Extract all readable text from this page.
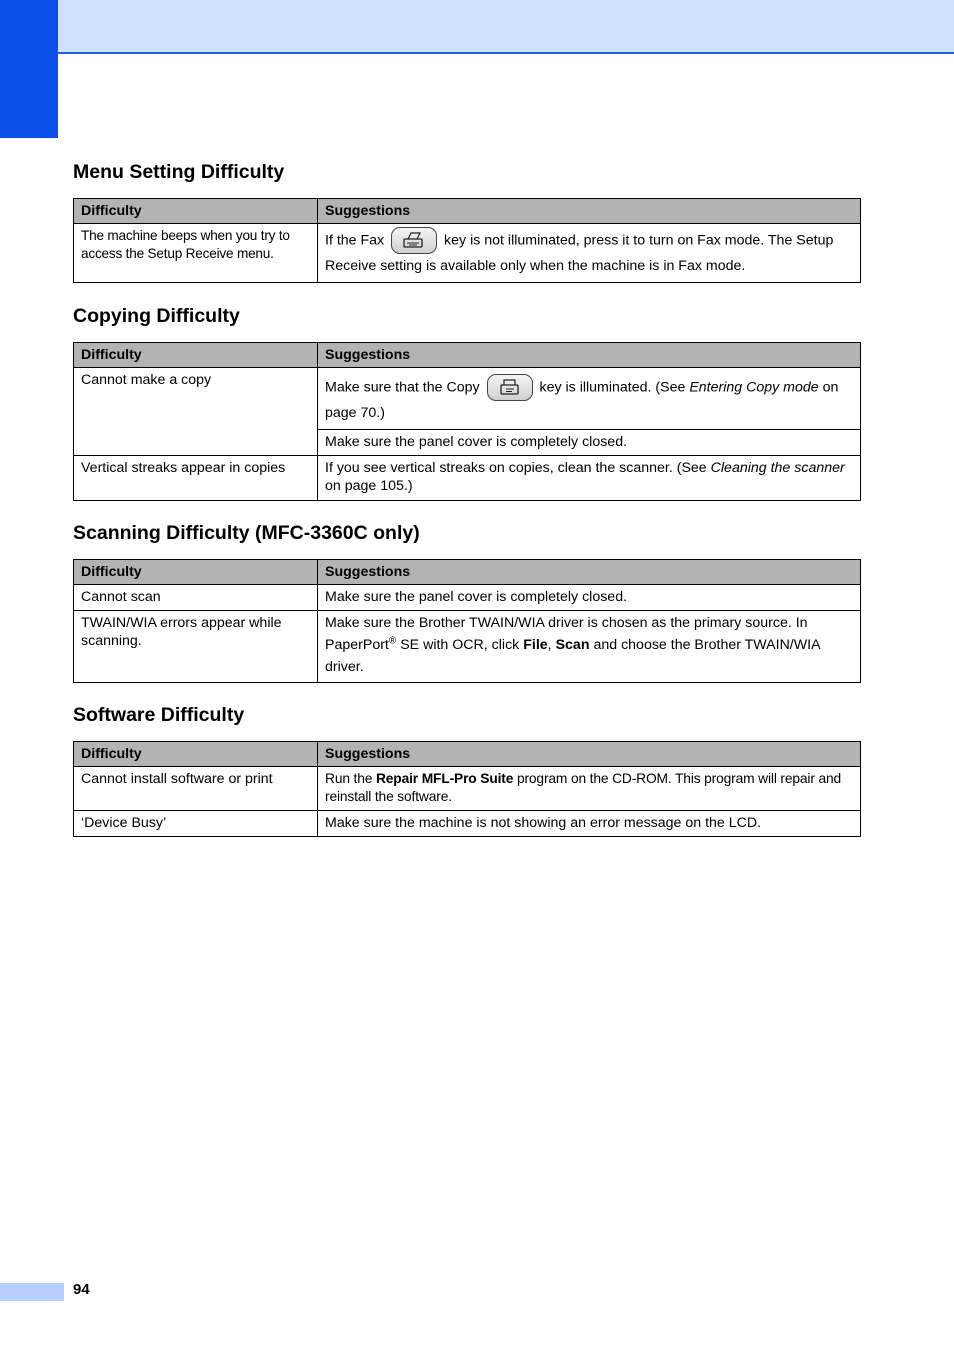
Menu Setting Difficulty
Difficulty	Suggestions
The machine beeps when you try to access the Setup Receive menu.	If the Fax key is not illuminated, press it to turn on Fax mode. The Setup Receive setting is available only when the machine is in Fax mode.
Copying Difficulty
Difficulty	Suggestions
Cannot make a copy	Make sure that the Copy key is illuminated. (See Entering Copy mode on page 70.)
	Make sure the panel cover is completely closed.
Vertical streaks appear in copies	If you see vertical streaks on copies, clean the scanner. (See Cleaning the scanner on page 105.)
Scanning Difficulty (MFC-3360C only)
Difficulty	Suggestions
Cannot scan	Make sure the panel cover is completely closed.
TWAIN/WIA errors appear while scanning.	Make sure the Brother TWAIN/WIA driver is chosen as the primary source. In PaperPort® SE with OCR, click File, Scan and choose the Brother TWAIN/WIA driver.
Software Difficulty
Difficulty	Suggestions
Cannot install software or print	Run the Repair MFL-Pro Suite program on the CD-ROM. This program will repair and reinstall the software.
‘Device Busy’	Make sure the machine is not showing an error message on the LCD.
94
